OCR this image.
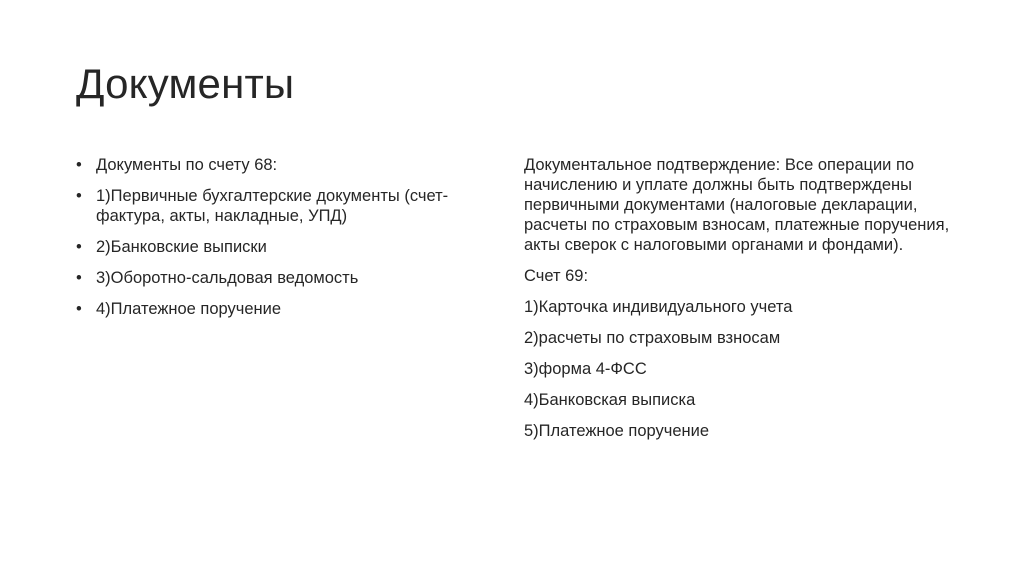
Документы
• Документы по счету 68:
• 1)Первичные бухгалтерские документы (счет-фактура, акты, накладные, УПД)
• 2)Банковские выписки
• 3)Оборотно-сальдовая ведомость
• 4)Платежное поручение

Документальное подтверждение: Все операции по начислению и уплате должны быть подтверждены первичными документами (налоговые декларации, расчеты по страховым взносам, платежные поручения, акты сверок с налоговыми органами и фондами).

Счет 69:

1)Карточка индивидуального учета

2)расчеты по страховым взносам

3)форма 4-ФСС

4)Банковская выписка

5)Платежное поручение
